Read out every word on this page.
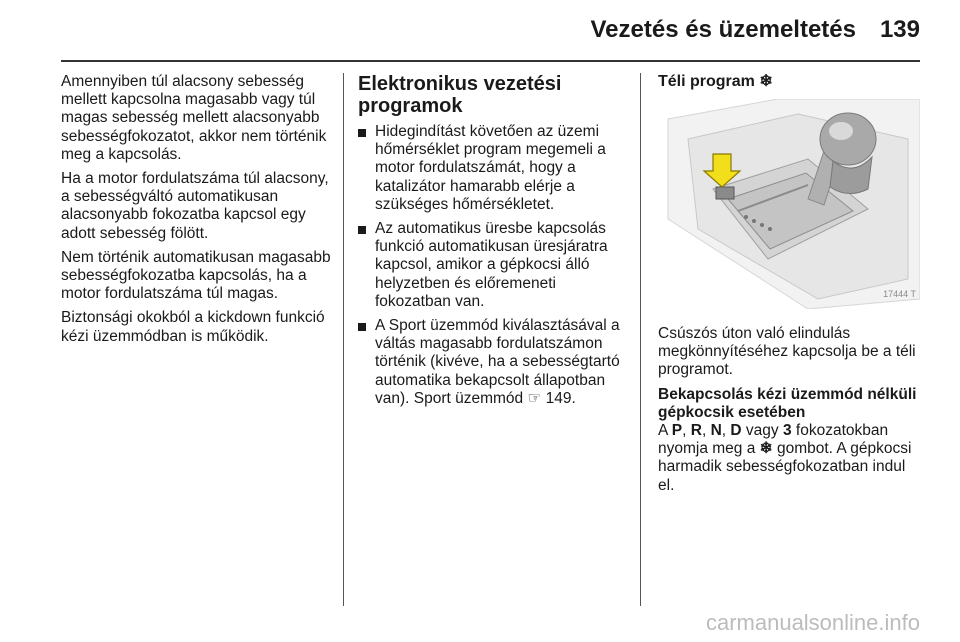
Vezetés és üzemeltetés 139

Amennyiben túl alacsony sebesség mellett kapcsolna magasabb vagy túl magas sebesség mellett alacsonyabb sebességfokozatot, akkor nem történik meg a kapcsolás.

Ha a motor fordulatszáma túl alacsony, a sebességváltó automatikusan alacsonyabb fokozatba kapcsol egy adott sebesség fölött.

Nem történik automatikusan magasabb sebességfokozatba kapcsolás, ha a motor fordulatszáma túl magas.

Biztonsági okokból a kickdown funkció kézi üzemmódban is működik.

Elektronikus vezetési programok
Hidegindítást követően az üzemi hőmérséklet program megemeli a motor fordulatszámát, hogy a katalizátor hamarabb elérje a szükséges hőmérsékletet.
Az automatikus üresbe kapcsolás funkció automatikusan üresjáratra kapcsol, amikor a gépkocsi álló helyzetben és előremeneti fokozatban van.
A Sport üzemmód kiválasztásával a váltás magasabb fordulatszámon történik (kivéve, ha a sebességtartó automatika bekapcsolt állapotban van). Sport üzemmód ☞ 149.
Téli program ❄
17444 T

Csúszós úton való elindulás megkönnyítéséhez kapcsolja be a téli programot.

Bekapcsolás kézi üzemmód nélküli gépkocsik esetében

A P, R, N, D vagy 3 fokozatokban nyomja meg a ❄ gombot. A gépkocsi harmadik sebességfokozatban indul el.

carmanualsonline.info
